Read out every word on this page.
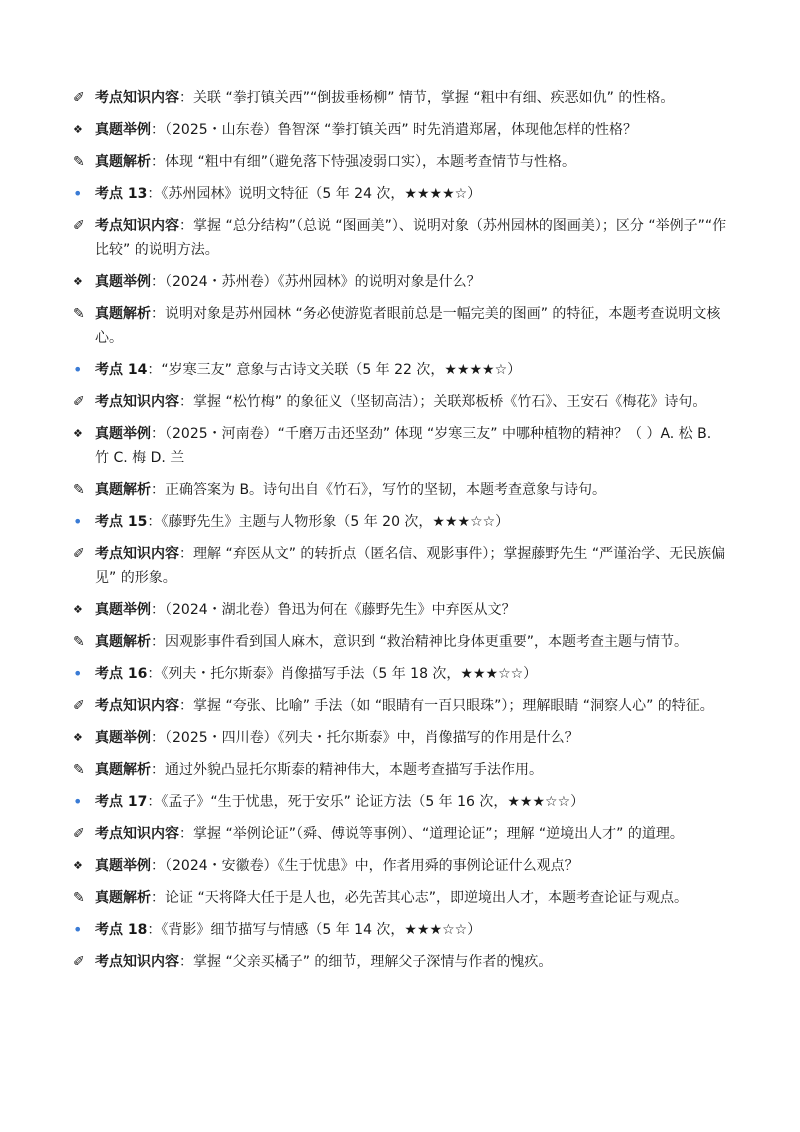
✐ 考点知识内容：关联 “拳打镇关西”“倒拔垂杨柳” 情节，掌握 “粗中有细、疾恶如仇” 的性格。
❖ 真题举例：（2025・山东卷）鲁智深 “拳打镇关西” 时先消遣郑屠，体现他怎样的性格？
✎ 真题解析：体现 “粗中有细”（避免落下恃强凌弱口实），本题考查情节与性格。
• 考点 13：《苏州园林》说明文特征（5 年 24 次，★★★★☆）
✐ 考点知识内容：掌握 “总分结构”（总说 “图画美”）、说明对象（苏州园林的图画美）；区分 “举例子”“作比较” 的说明方法。
❖ 真题举例：（2024・苏州卷）《苏州园林》的说明对象是什么？
✎ 真题解析：说明对象是苏州园林 “务必使游览者眼前总是一幅完美的图画” 的特征，本题考查说明文核心。
• 考点 14：“岁寒三友” 意象与古诗文关联（5 年 22 次，★★★★☆）
✐ 考点知识内容：掌握 “松竹梅” 的象征义（坚韧高洁）；关联郑板桥《竹石》、王安石《梅花》诗句。
❖ 真题举例：（2025・河南卷）“千磨万击还坚劲” 体现 “岁寒三友” 中哪种植物的精神？（ ）A. 松 B. 竹 C. 梅 D. 兰
✎ 真题解析：正确答案为 B。诗句出自《竹石》，写竹的坚韧，本题考查意象与诗句。
• 考点 15：《藤野先生》主题与人物形象（5 年 20 次，★★★☆☆）
✐ 考点知识内容：理解 “弃医从文” 的转折点（匿名信、观影事件）；掌握藤野先生 “严谨治学、无民族偏见” 的形象。
❖ 真题举例：（2024・湖北卷）鲁迅为何在《藤野先生》中弃医从文？
✎ 真题解析：因观影事件看到国人麻木，意识到 “救治精神比身体更重要”，本题考查主题与情节。
• 考点 16：《列夫・托尔斯泰》肖像描写手法（5 年 18 次，★★★☆☆）
✐ 考点知识内容：掌握 “夸张、比喻” 手法（如 “眼睛有一百只眼珠”）；理解眼睛 “洞察人心” 的特征。
❖ 真题举例：（2025・四川卷）《列夫・托尔斯泰》中，肖像描写的作用是什么？
✎ 真题解析：通过外貌凸显托尔斯泰的精神伟大，本题考查描写手法作用。
• 考点 17：《孟子》“生于忧患，死于安乐” 论证方法（5 年 16 次，★★★☆☆）
✐ 考点知识内容：掌握 “举例论证”（舜、傅说等事例）、“道理论证”；理解 “逆境出人才” 的道理。
❖ 真题举例：（2024・安徽卷）《生于忧患》中，作者用舜的事例论证什么观点？
✎ 真题解析：论证 “天将降大任于是人也，必先苦其心志”，即逆境出人才，本题考查论证与观点。
• 考点 18：《背影》细节描写与情感（5 年 14 次，★★★☆☆）
✐ 考点知识内容：掌握 “父亲买橘子” 的细节，理解父子深情与作者的愧疚。
